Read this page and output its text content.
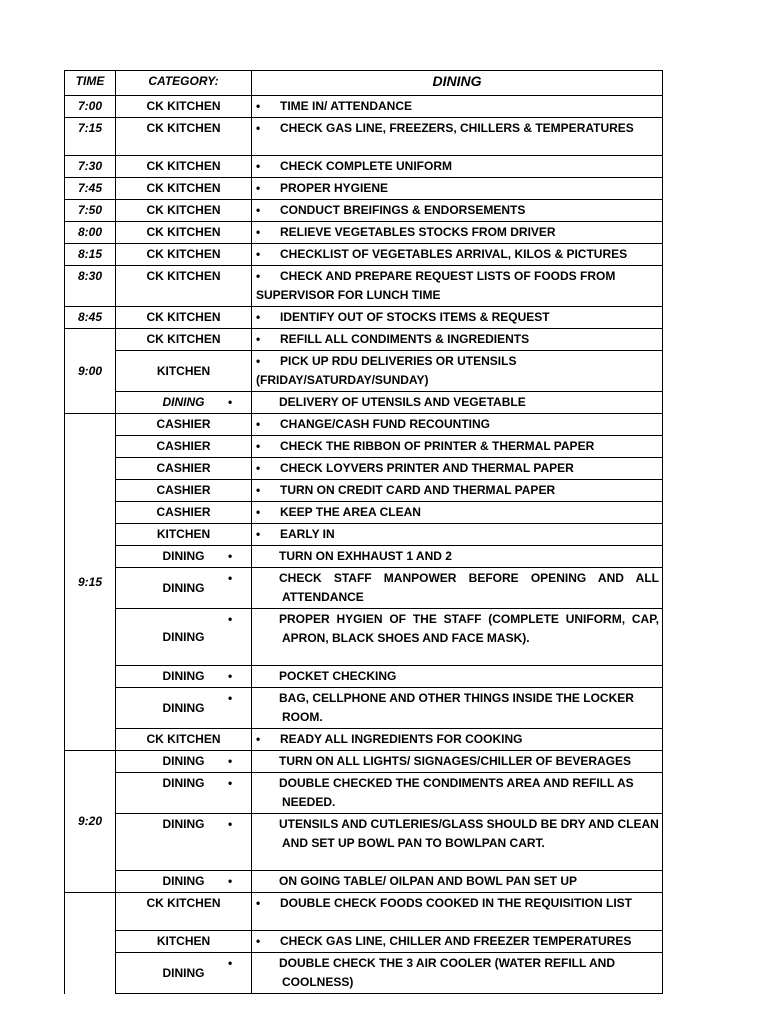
TIME	CATEGORY:	DINING
7:00	CK KITCHEN	• TIME IN/ ATTENDANCE
7:15	CK KITCHEN	• CHECK GAS LINE, FREEZERS, CHILLERS & TEMPERATURES
7:30	CK KITCHEN	• CHECK COMPLETE UNIFORM
7:45	CK KITCHEN	• PROPER HYGIENE
7:50	CK KITCHEN	• CONDUCT BREIFINGS & ENDORSEMENTS
8:00	CK KITCHEN	• RELIEVE VEGETABLES STOCKS FROM DRIVER
8:15	CK KITCHEN	• CHECKLIST OF VEGETABLES ARRIVAL, KILOS & PICTURES
8:30	CK KITCHEN	• CHECK AND PREPARE REQUEST LISTS OF FOODS FROM SUPERVISOR FOR LUNCH TIME
8:45	CK KITCHEN	• IDENTIFY OUT OF STOCKS ITEMS & REQUEST
9:00	CK KITCHEN	• REFILL ALL CONDIMENTS & INGREDIENTS
	KITCHEN	• PICK UP RDU DELIVERIES OR UTENSILS (FRIDAY/SATURDAY/SUNDAY)
	DINING	• DELIVERY OF UTENSILS AND VEGETABLE
9:15	CASHIER	• CHANGE/CASH FUND RECOUNTING
	CASHIER	• CHECK THE RIBBON OF PRINTER & THERMAL PAPER
	CASHIER	• CHECK LOYVERS PRINTER AND THERMAL PAPER
	CASHIER	• TURN ON CREDIT CARD AND THERMAL PAPER
	CASHIER	• KEEP THE AREA CLEAN
	KITCHEN	• EARLY IN
	DINING	• TURN ON EXHHAUST 1 AND 2
	DINING	• CHECK STAFF MANPOWER BEFORE OPENING AND ALL ATTENDANCE
	DINING	• PROPER HYGIEN OF THE STAFF (COMPLETE UNIFORM, CAP, APRON, BLACK SHOES AND FACE MASK).
	DINING	• POCKET CHECKING
	DINING	• BAG, CELLPHONE AND OTHER THINGS INSIDE THE LOCKER ROOM.
	CK KITCHEN	• READY ALL INGREDIENTS FOR COOKING
9:20	DINING	• TURN ON ALL LIGHTS/ SIGNAGES/CHILLER OF BEVERAGES
	DINING	• DOUBLE CHECKED THE CONDIMENTS AREA AND REFILL AS NEEDED.
	DINING	• UTENSILS AND CUTLERIES/GLASS SHOULD BE DRY AND CLEAN AND SET UP BOWL PAN TO BOWLPAN CART.
	DINING	• ON GOING TABLE/ OILPAN AND BOWL PAN SET UP
	CK KITCHEN	• DOUBLE CHECK FOODS COOKED IN THE REQUISITION LIST
	KITCHEN	• CHECK GAS LINE, CHILLER AND FREEZER TEMPERATURES
	DINING	• DOUBLE CHECK THE 3 AIR COOLER (WATER REFILL AND COOLNESS)
